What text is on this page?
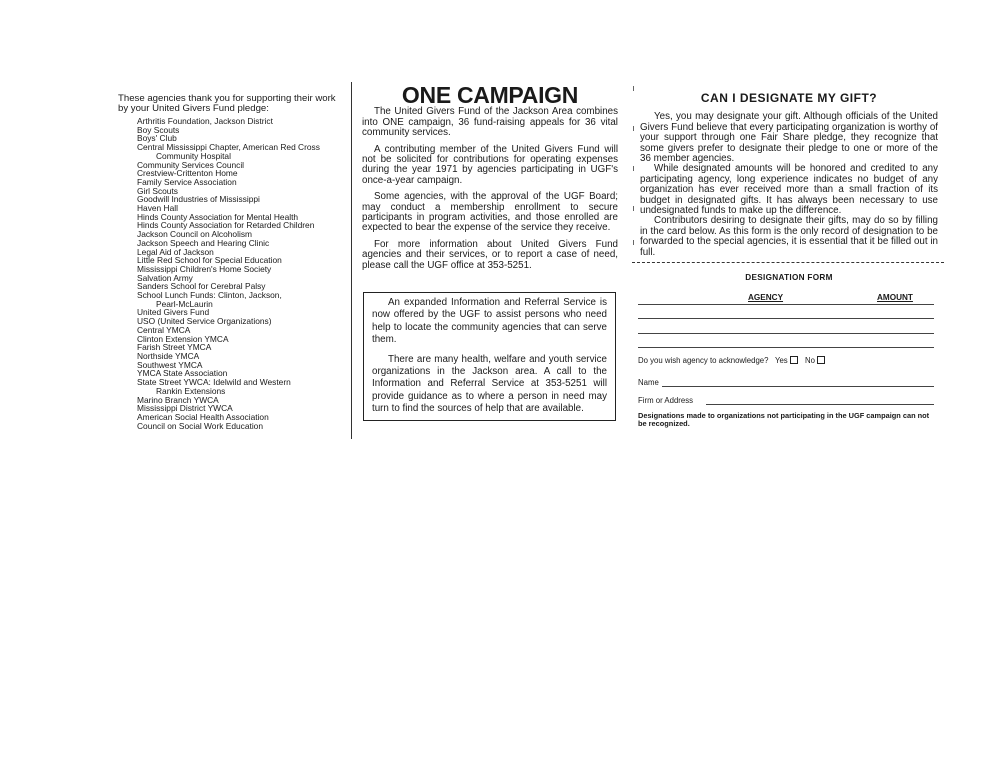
These agencies thank you for supporting their work by your United Givers Fund pledge:
Arthritis Foundation, Jackson District
Boy Scouts
Boys' Club
Central Mississippi Chapter, American Red Cross
Community Hospital
Community Services Council
Crestview-Crittenton Home
Family Service Association
Girl Scouts
Goodwill Industries of Mississippi
Haven Hall
Hinds County Association for Mental Health
Hinds County Association for Retarded Children
Jackson Council on Alcoholism
Jackson Speech and Hearing Clinic
Legal Aid of Jackson
Little Red School for Special Education
Mississippi Children's Home Society
Salvation Army
Sanders School for Cerebral Palsy
School Lunch Funds: Clinton, Jackson,
Pearl-McLaurin
United Givers Fund
USO (United Service Organizations)
Central YMCA
Clinton Extension YMCA
Farish Street YMCA
Northside YMCA
Southwest YMCA
YMCA State Association
State Street YWCA: Idelwild and Western
Rankin Extensions
Marino Branch YWCA
Mississippi District YWCA
American Social Health Association
Council on Social Work Education
ONE CAMPAIGN

The United Givers Fund of the Jackson Area combines into ONE campaign, 36 fund-raising appeals for 36 vital community services.

A contributing member of the United Givers Fund will not be solicited for contributions for operating expenses during the year 1971 by agencies participating in UGF's once-a-year campaign.

Some agencies, with the approval of the UGF Board; may conduct a membership enrollment to secure participants in program activities, and those enrolled are expected to bear the expense of the service they receive.

For more information about United Givers Fund agencies and their services, or to report a case of need, please call the UGF office at 353-5251.

An expanded Information and Referral Service is now offered by the UGF to assist persons who need help to locate the community agencies that can serve them.

There are many health, welfare and youth service organizations in the Jackson area. A call to the Information and Referral Service at 353-5251 will provide guidance as to where a person in need may turn to find the sources of help that are available.

CAN I DESIGNATE MY GIFT?

Yes, you may designate your gift. Although officials of the United Givers Fund believe that every participating organization is worthy of your support through one Fair Share pledge, they recognize that some givers prefer to designate their pledge to one or more of the 36 member agencies.

While designated amounts will be honored and credited to any participating agency, long experience indicates no budget of any organization has ever received more than a small fraction of its budget in designated gifts. It has always been necessary to use undesignated funds to make up the difference.

Contributors desiring to designate their gifts, may do so by filling in the card below. As this form is the only record of designation to be forwarded to the special agencies, it is essential that it be filled out in full.

DESIGNATION FORM
AGENCY	AMOUNT
Do you wish agency to acknowledge? Yes No
Name
Firm or Address
Designations made to organizations not participating in the UGF campaign can not be recognized.
